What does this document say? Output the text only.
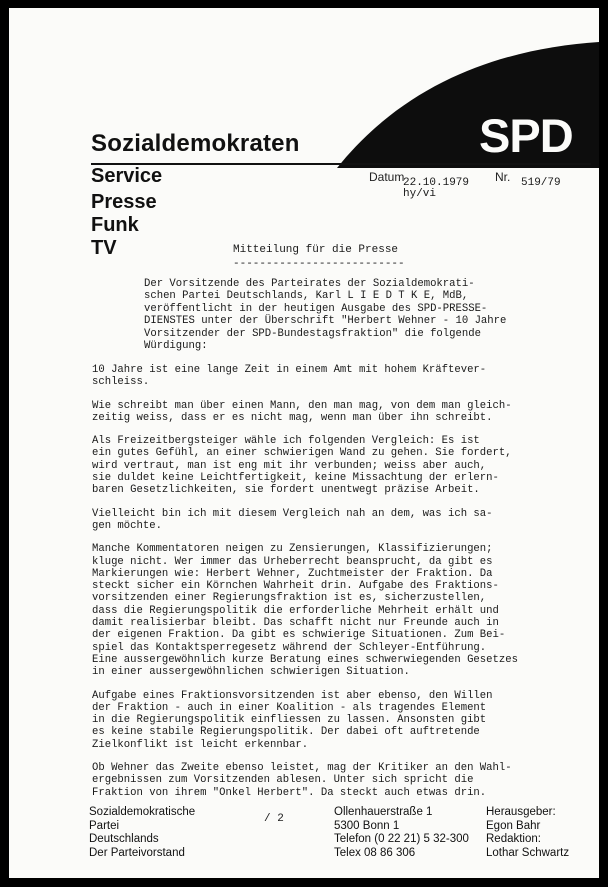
Sozialdemokraten	SPD
Service
Presse
Funk
TV
Datum
22.10.1979
hy/vi
Nr. 519/79
Mitteilung für die Presse
--------------------------
Der Vorsitzende des Parteirates der Sozialdemokrati-
schen Partei Deutschlands, Karl L I E D T K E, MdB,
veröffentlicht in der heutigen Ausgabe des SPD-PRESSE-
DIENSTES unter der Überschrift "Herbert Wehner - 10 Jahre
Vorsitzender der SPD-Bundestagsfraktion" die folgende
Würdigung:

10 Jahre ist eine lange Zeit in einem Amt mit hohem Kräftever-
schleiss.

Wie schreibt man über einen Mann, den man mag, von dem man gleich-
zeitig weiss, dass er es nicht mag, wenn man über ihn schreibt.

Als Freizeitbergsteiger wähle ich folgenden Vergleich: Es ist
ein gutes Gefühl, an einer schwierigen Wand zu gehen. Sie fordert,
wird vertraut, man ist eng mit ihr verbunden; weiss aber auch,
sie duldet keine Leichtfertigkeit, keine Missachtung der erlern-
baren Gesetzlichkeiten, sie fordert unentwegt präzise Arbeit.

Vielleicht bin ich mit diesem Vergleich nah an dem, was ich sa-
gen möchte.

Manche Kommentatoren neigen zu Zensierungen, Klassifizierungen;
kluge nicht. Wer immer das Urheberrecht beansprucht, da gibt es
Markierungen wie: Herbert Wehner, Zuchtmeister der Fraktion. Da
steckt sicher ein Körnchen Wahrheit drin. Aufgabe des Fraktions-
vorsitzenden einer Regierungsfraktion ist es, sicherzustellen,
dass die Regierungspolitik die erforderliche Mehrheit erhält und
damit realisierbar bleibt. Das schafft nicht nur Freunde auch in
der eigenen Fraktion. Da gibt es schwierige Situationen. Zum Bei-
spiel das Kontaktsperregesetz während der Schleyer-Entführung.
Eine aussergewöhnlich kurze Beratung eines schwerwiegenden Gesetzes
in einer aussergewöhnlichen schwierigen Situation.

Aufgabe eines Fraktionsvorsitzenden ist aber ebenso, den Willen
der Fraktion - auch in einer Koalition - als tragendes Element
in die Regierungspolitik einfliessen zu lassen. Ansonsten gibt
es keine stabile Regierungspolitik. Der dabei oft auftretende
Zielkonflikt ist leicht erkennbar.

Ob Wehner das Zweite ebenso leistet, mag der Kritiker an den Wahl-
ergebnissen zum Vorsitzenden ablesen. Unter sich spricht die
Fraktion von ihrem "Onkel Herbert". Da steckt auch etwas drin.

/ 2
Sozialdemokratische
Partei
Deutschlands
Der Parteivorstand
Ollenhauerstraße 1
5300 Bonn 1
Telefon (0 22 21) 5 32-300
Telex 08 86 306
Herausgeber:
Egon Bahr
Redaktion:
Lothar Schwartz
